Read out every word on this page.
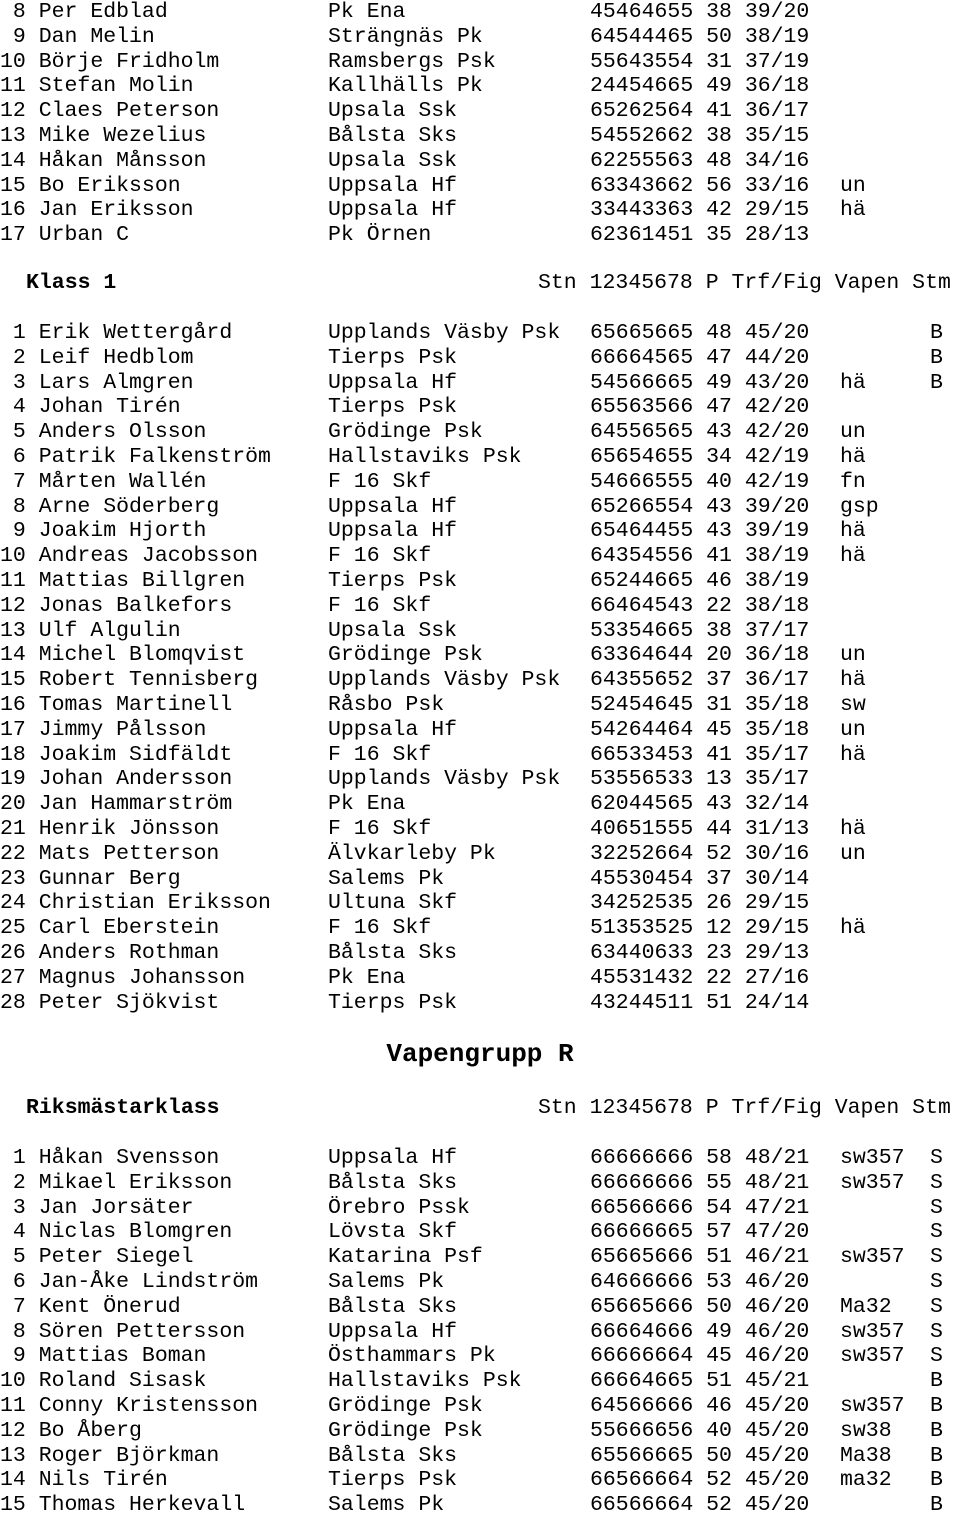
8 Per Edblad	Pk Ena	45464655 38 39/20
9 Dan Melin	Strängnäs Pk	64544465 50 38/19
10 Börje Fridholm	Ramsbergs Psk	55643554 31 37/19
11 Stefan Molin	Kallhälls Pk	24454665 49 36/18
12 Claes Peterson	Upsala Ssk	65262564 41 36/17
13 Mike Wezelius	Bålsta Sks	54552662 38 35/15
14 Håkan Månsson	Upsala Ssk	62255563 48 34/16
15 Bo Eriksson	Uppsala Hf	63343662 56 33/16 un
16 Jan Eriksson	Uppsala Hf	33443363 42 29/15 hä
17 Urban C	Pk Örnen	62361451 35 28/13
Klass 1	Stn 12345678 P Trf/Fig Vapen Stm
1 Erik Wettergård	Upplands Väsby Psk 65665665 48 45/20	B
2 Leif Hedblom	Tierps Psk	66664565 47 44/20	B
3 Lars Almgren	Uppsala Hf	54566665 49 43/20 hä	B
4 Johan Tirén	Tierps Psk	65563566 47 42/20
5 Anders Olsson	Grödinge Psk	64556565 43 42/20 un
6 Patrik Falkenström	Hallstaviks Psk	65654655 34 42/19 hä
7 Mårten Wallén	F 16 Skf	54666555 40 42/19 fn
8 Arne Söderberg	Uppsala Hf	65266554 43 39/20 gsp
9 Joakim Hjorth	Uppsala Hf	65464455 43 39/19 hä
10 Andreas Jacobsson	F 16 Skf	64354556 41 38/19 hä
11 Mattias Billgren	Tierps Psk	65244665 46 38/19
12 Jonas Balkefors	F 16 Skf	66464543 22 38/18
13 Ulf Algulin	Upsala Ssk	53354665 38 37/17
14 Michel Blomqvist	Grödinge Psk	63364644 20 36/18 un
15 Robert Tennisberg	Upplands Väsby Psk 64355652 37 36/17 hä
16 Tomas Martinell	Råsbo Psk	52454645 31 35/18 sw
17 Jimmy Pålsson	Uppsala Hf	54264464 45 35/18 un
18 Joakim Sidfäldt	F 16 Skf	66533453 41 35/17 hä
19 Johan Andersson	Upplands Väsby Psk 53556533 13 35/17
20 Jan Hammarström	Pk Ena	62044565 43 32/14
21 Henrik Jönsson	F 16 Skf	40651555 44 31/13 hä
22 Mats Petterson	Älvkarleby Pk	32252664 52 30/16 un
23 Gunnar Berg	Salems Pk	45530454 37 30/14
24 Christian Eriksson	Ultuna Skf	34252535 26 29/15
25 Carl Eberstein	F 16 Skf	51353525 12 29/15 hä
26 Anders Rothman	Bålsta Sks	63440633 23 29/13
27 Magnus Johansson	Pk Ena	45531432 22 27/16
28 Peter Sjökvist	Tierps Psk	43244511 51 24/14
Vapengrupp R
Riksmästarklass	Stn 12345678 P Trf/Fig Vapen Stm
1 Håkan Svensson	Uppsala Hf	66666666 58 48/21 sw357 S
2 Mikael Eriksson	Bålsta Sks	66666666 55 48/21 sw357 S
3 Jan Jorsäter	Örebro Pssk	66566666 54 47/21	S
4 Niclas Blomgren	Lövsta Skf	66666665 57 47/20	S
5 Peter Siegel	Katarina Psf	65665666 51 46/21 sw357 S
6 Jan-Åke Lindström	Salems Pk	64666666 53 46/20	S
7 Kent Önerud	Bålsta Sks	65665666 50 46/20 Ma32 S
8 Sören Pettersson	Uppsala Hf	66664666 49 46/20 sw357 S
9 Mattias Boman	Östhammars Pk	66666664 45 46/20 sw357 S
10 Roland Sisask	Hallstaviks Psk	66664665 51 45/21	B
11 Conny Kristensson	Grödinge Psk	64566666 46 45/20 sw357 B
12 Bo Åberg	Grödinge Psk	55666656 40 45/20 sw38 B
13 Roger Björkman	Bålsta Sks	65566665 50 45/20 Ma38 B
14 Nils Tirén	Tierps Psk	66566664 52 45/20 ma32 B
15 Thomas Herkevall	Salems Pk	66566664 52 45/20	B
